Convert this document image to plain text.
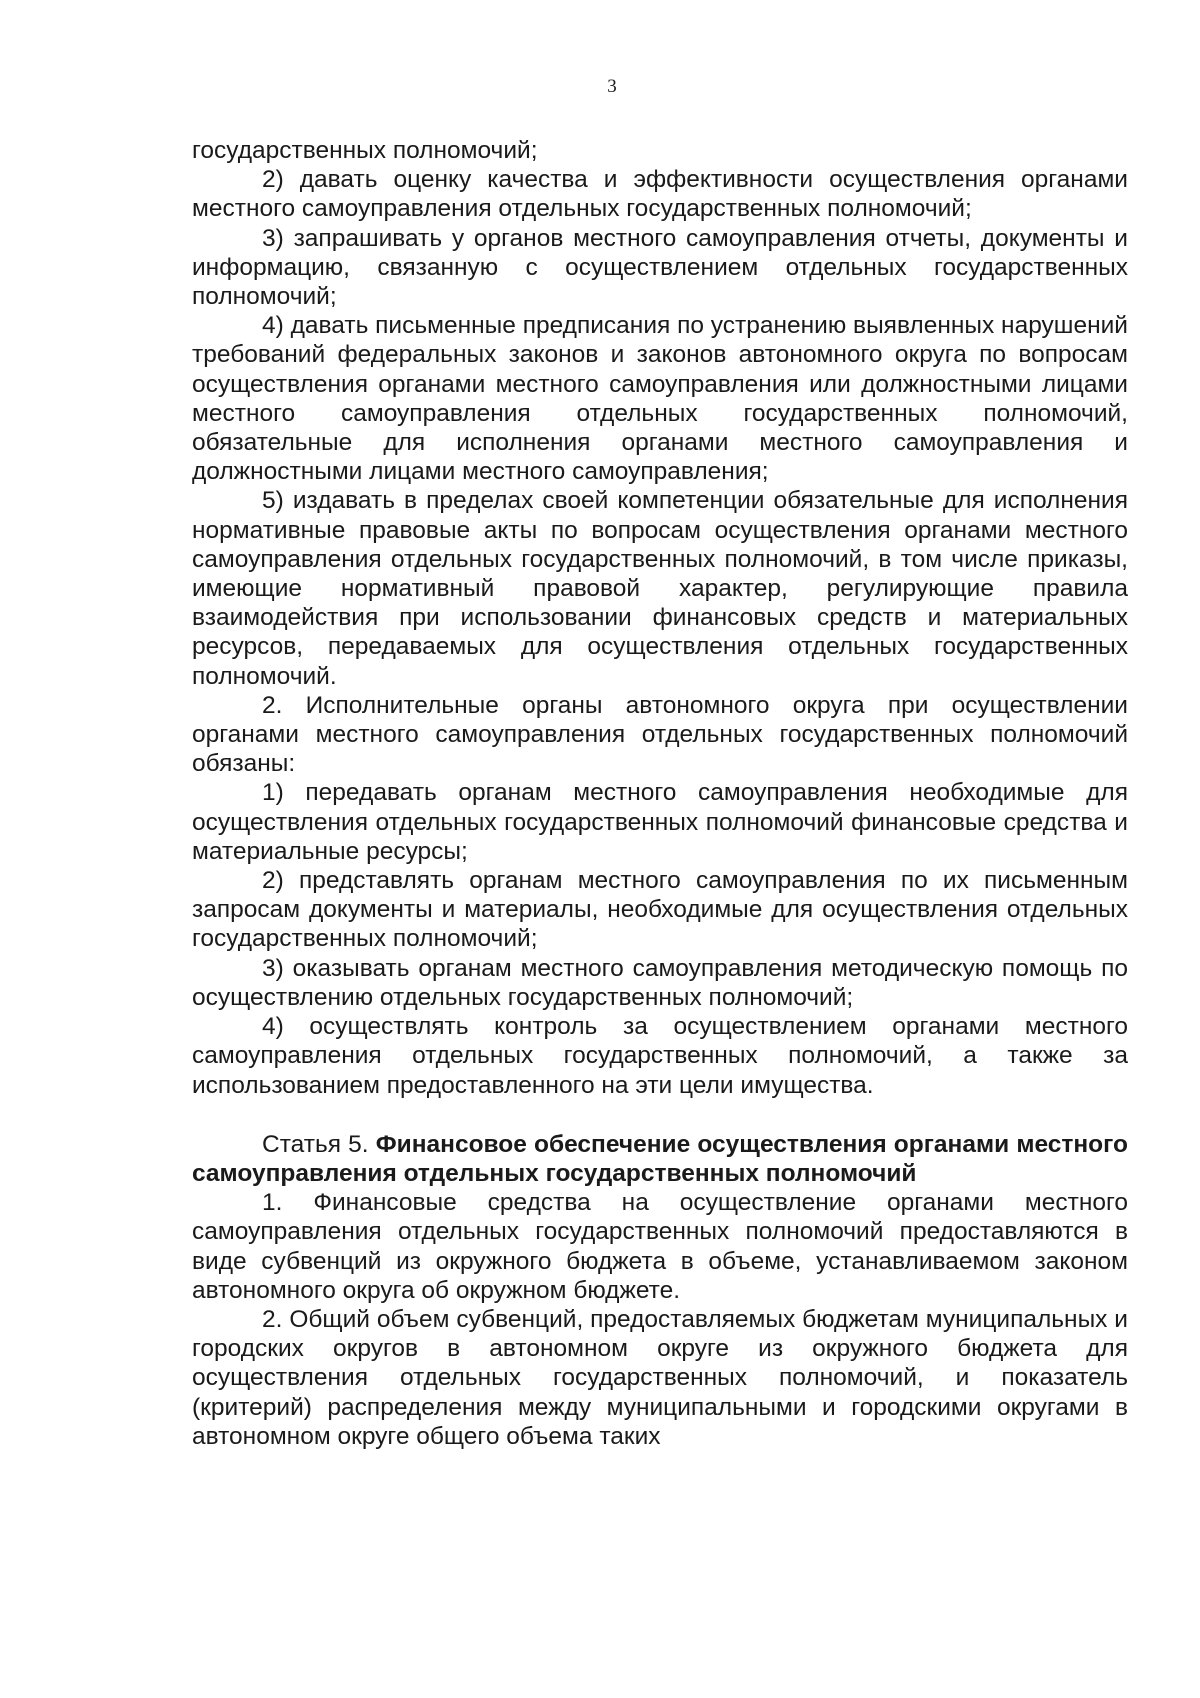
3

государственных полномочий;

2) давать оценку качества и эффективности осуществления органами местного самоуправления отдельных государственных полномочий;

3) запрашивать у органов местного самоуправления отчеты, документы и информацию, связанную с осуществлением отдельных государственных полномочий;

4) давать письменные предписания по устранению выявленных нарушений требований федеральных законов и законов автономного округа по вопросам осуществления органами местного самоуправления или должностными лицами местного самоуправления отдельных государственных полномочий, обязательные для исполнения органами местного самоуправления и должностными лицами местного самоуправления;

5) издавать в пределах своей компетенции обязательные для исполнения нормативные правовые акты по вопросам осуществления органами местного самоуправления отдельных государственных полномочий, в том числе приказы, имеющие нормативный правовой характер, регулирующие правила взаимодействия при использовании финансовых средств и материальных ресурсов, передаваемых для осуществления отдельных государственных полномочий.

2. Исполнительные органы автономного округа при осуществлении органами местного самоуправления отдельных государственных полномочий обязаны:

1) передавать органам местного самоуправления необходимые для осуществления отдельных государственных полномочий финансовые средства и материальные ресурсы;

2) представлять органам местного самоуправления по их письменным запросам документы и материалы, необходимые для осуществления отдельных государственных полномочий;

3) оказывать органам местного самоуправления методическую помощь по осуществлению отдельных государственных полномочий;

4) осуществлять контроль за осуществлением органами местного самоуправления отдельных государственных полномочий, а также за использованием предоставленного на эти цели имущества.

Статья 5. Финансовое обеспечение осуществления органами местного самоуправления отдельных государственных полномочий

1. Финансовые средства на осуществление органами местного самоуправления отдельных государственных полномочий предоставляются в виде субвенций из окружного бюджета в объеме, устанавливаемом законом автономного округа об окружном бюджете.

2. Общий объем субвенций, предоставляемых бюджетам муниципальных и городских округов в автономном округе из окружного бюджета для осуществления отдельных государственных полномочий, и показатель (критерий) распределения между муниципальными и городскими округами в автономном округе общего объема таких
